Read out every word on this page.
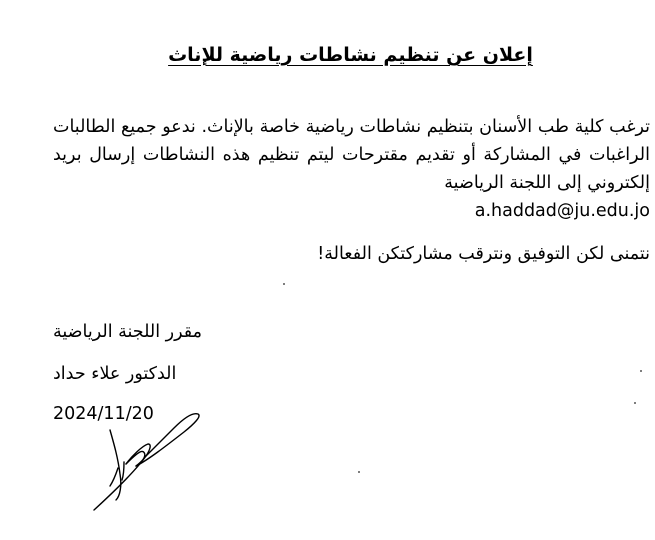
إعلان عن تنظيم نشاطات رياضية للإناث

ترغب كلية طب الأسنان بتنظيم نشاطات رياضية خاصة بالإناث. ندعو جميع الطالبات الراغبات في المشاركة أو تقديم مقترحات ليتم تنظيم هذه النشاطات إرسال بريد إلكتروني إلى اللجنة الرياضية
a.haddad@ju.edu.jo

نتمنى لكن التوفيق ونترقب مشاركتكن الفعالة!

مقرر اللجنة الرياضية

الدكتور علاء حداد

2024/11/20
